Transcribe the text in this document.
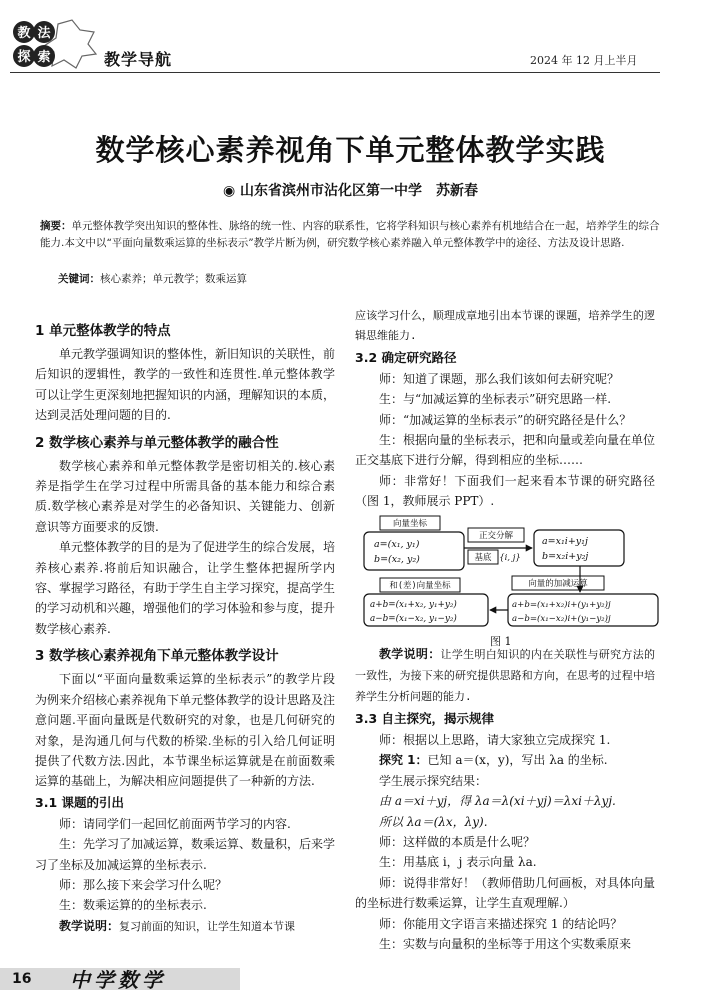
教 法
探 索	教学导航	2024 年 12 月上半月
数学核心素养视角下单元整体教学实践
◉ 山东省滨州市沾化区第一中学　苏新春
摘要：单元整体教学突出知识的整体性、脉络的统一性、内容的联系性，它将学科知识与核心素养有机地结合在一起，培养学生的综合能力.本文中以“平面向量数乘运算的坐标表示”教学片断为例，研究数学核心素养融入单元整体教学中的途径、方法及设计思路.
关键词：核心素养；单元教学；数乘运算
1 单元整体教学的特点

单元教学强调知识的整体性，新旧知识的关联性，前后知识的逻辑性，教学的一致性和连贯性.单元整体教学可以让学生更深刻地把握知识的内涵，理解知识的本质，达到灵活处理问题的目的.

2 数学核心素养与单元整体教学的融合性

数学核心素养和单元整体教学是密切相关的.核心素养是指学生在学习过程中所需具备的基本能力和综合素质.数学核心素养是对学生的必备知识、关键能力、创新意识等方面要求的反馈.

单元整体教学的目的是为了促进学生的综合发展，培养核心素养.将前后知识融合，让学生整体把握所学内容、掌握学习路径，有助于学生自主学习探究，提高学生的学习动机和兴趣，增强他们的学习体验和参与度，提升数学核心素养.

3 数学核心素养视角下单元整体教学设计

下面以“平面向量数乘运算的坐标表示”的教学片段为例来介绍核心素养视角下单元整体教学的设计思路及注意问题.平面向量既是代数研究的对象，也是几何研究的对象，是沟通几何与代数的桥梁.坐标的引入给几何证明提供了代数方法.因此，本节课坐标运算就是在前面数乘运算的基础上，为解决相应问题提供了一种新的方法.

3.1 课题的引出

师：请同学们一起回忆前面两节学习的内容.

生：先学习了加减运算，数乘运算、数量积，后来学习了坐标及加减运算的坐标表示.

师：那么接下来会学习什么呢？

生：数乘运算的的坐标表示.

教学说明：复习前面的知识，让学生知道本节课

应该学习什么，顺理成章地引出本节课的课题，培养学生的逻辑思维能力.

3.2 确定研究路径

师：知道了课题，那么我们该如何去研究呢？

生：与“加减运算的坐标表示”研究思路一样.

师：“加减运算的坐标表示”的研究路径是什么？

生：根据向量的坐标表示，把和向量或差向量在单位正交基底下进行分解，得到相应的坐标……

师：非常好！下面我们一起来看本节课的研究路径（图 1，教师展示 PPT）.

教学说明：让学生明白知识的内在关联性与研究方法的一致性，为接下来的研究提供思路和方向，在思考的过程中培养学生分析问题的能力.

3.3 自主探究，揭示规律

师：根据以上思路，请大家独立完成探究 1.

探究 1：已知 a＝(x，y)，写出 λa 的坐标.

学生展示探究结果：

由 a＝xi＋yj，得 λa＝λ(xi＋yj)＝λxi＋λyj.

所以 λa＝(λx，λy).

师：这样做的本质是什么呢？

生：用基底 i，j 表示向量 λa.

师：说得非常好！（教师借助几何画板，对具体向量的坐标进行数乘运算，让学生直观理解.）

师：你能用文字语言来描述探究 1 的结论吗？

生：实数与向量积的坐标等于用这个实数乘原来

向量坐标
正交分解
基底 {i, j}
和(差)向量坐标	向量的加减运算
a=(x₁, y₁)
b=(x₂, y₂)
a=x₁i+y₁j
b=x₂i+y₂j
a+b=(x₁+x₂, y₁+y₂)
a−b=(x₁−x₂, y₁−y₂)
a+b=(x₁+x₂)i+(y₁+y₂)j
a−b=(x₁−x₂)i+(y₁−y₂)j
图 1
16 中学数学
